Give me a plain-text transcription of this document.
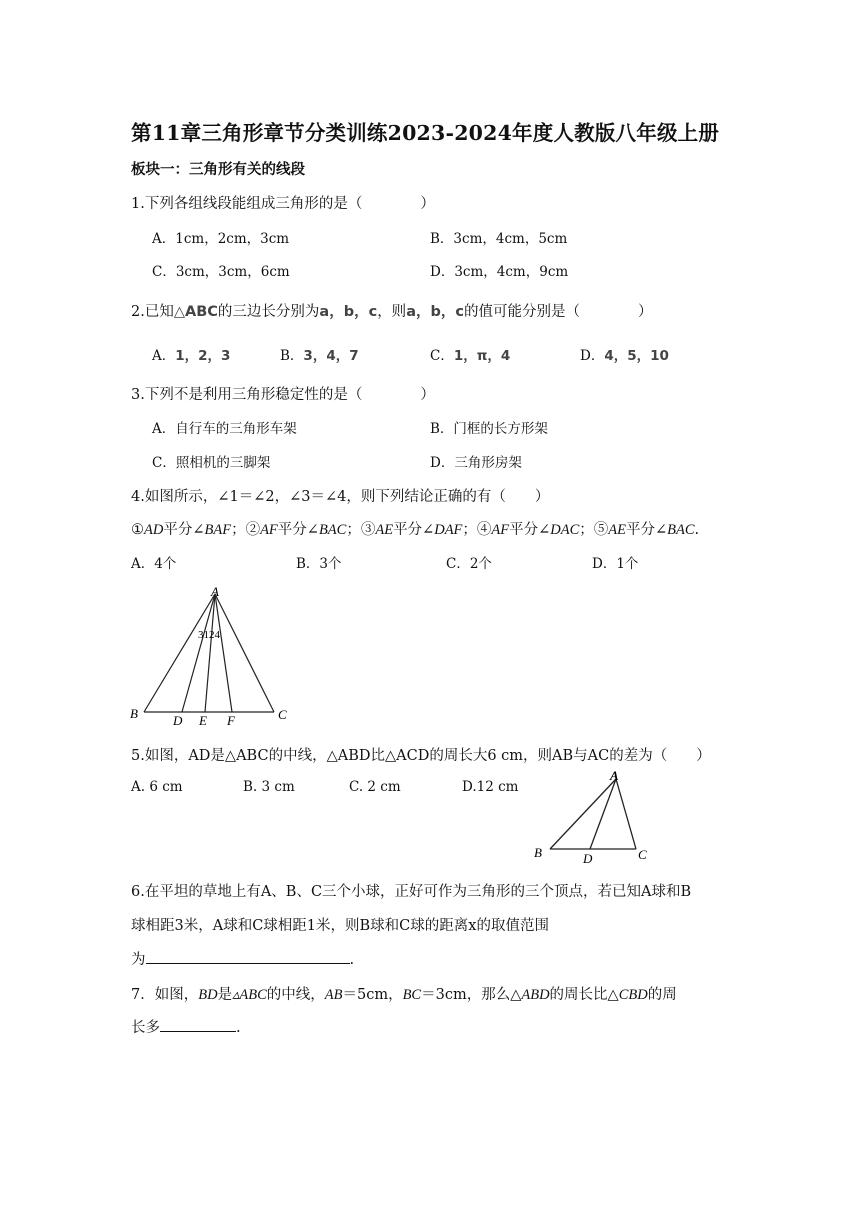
第11章三角形章节分类训练2023-2024年度人教版八年级上册
板块一：三角形有关的线段
1.下列各组线段能组成三角形的是（　　　　）
A．1cm，2cm，3cm	B．3cm，4cm，5cm
C．3cm，3cm，6cm	D．3cm，4cm，9cm
2.已知△ABC的三边长分别为a，b，c，则a，b，c的值可能分别是（　　　　）
A．1，2，3	B．3，4，7	C．1，π，4	D．4，5，10
3.下列不是利用三角形稳定性的是（　　　　）
A．自行车的三角形车架	B．门框的长方形架
C．照相机的三脚架	D．三角形房架
4.如图所示，∠1＝∠2，∠3＝∠4，则下列结论正确的有（　　）
①AD平分∠BAF；②AF平分∠BAC；③AE平分∠DAF；④AF平分∠DAC；⑤AE平分∠BAC.
A．4个	B．3个	C．2个	D．1个
A
B	C
D E F
3124
5.如图，AD是△ABC的中线，△ABD比△ACD的周长大6 cm，则AB与AC的差为（　　）
A. 6 cm	B. 3 cm	C. 2 cm	D.12 cm
A
B	C
D
6.在平坦的草地上有A、B、C三个小球，正好可作为三角形的三个顶点，若已知A球和B
球相距3米，A球和C球相距1米，则B球和C球的距离x的取值范围
为	.
7．如图，BD是▵ABC的中线，AB＝5cm，BC＝3cm，那么△ABD的周长比△CBD的周
长多	.
